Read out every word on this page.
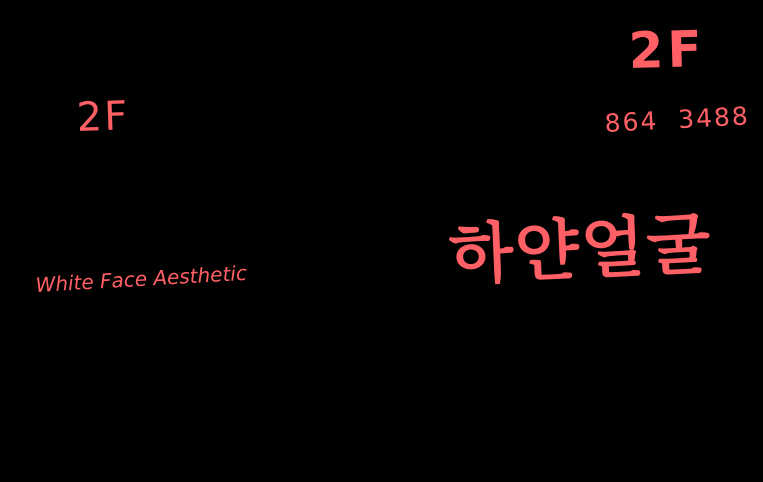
2F
2F
864  3488
White Face Aesthetic	하얀얼굴
